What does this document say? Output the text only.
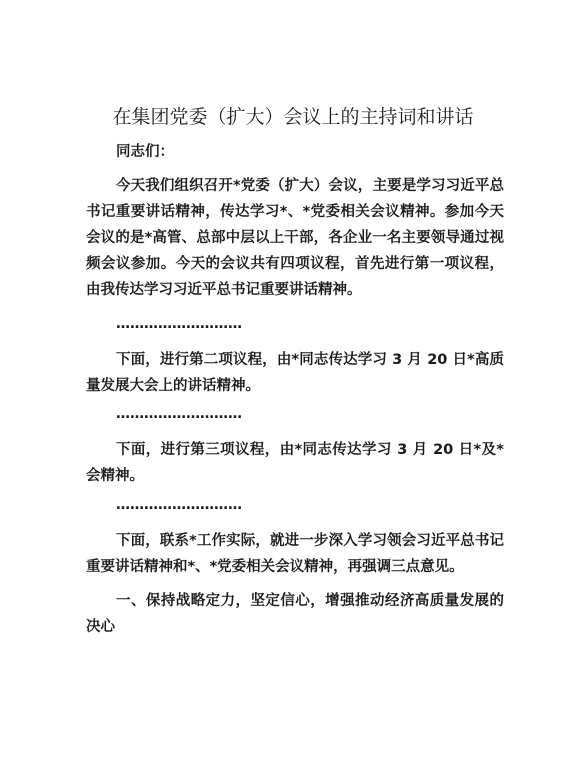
在集团党委（扩大）会议上的主持词和讲话
同志们：
今天我们组织召开*党委（扩大）会议，主要是学习习近平总书记重要讲话精神，传达学习*、*党委相关会议精神。参加今天会议的是*高管、总部中层以上干部，各企业一名主要领导通过视频会议参加。今天的会议共有四项议程，首先进行第一项议程，由我传达学习习近平总书记重要讲话精神。
………………………
下面，进行第二项议程，由*同志传达学习 3 月 20 日*高质量发展大会上的讲话精神。
………………………
下面，进行第三项议程，由*同志传达学习 3 月 20 日*及*会精神。
………………………
下面，联系*工作实际，就进一步深入学习领会习近平总书记重要讲话精神和*、*党委相关会议精神，再强调三点意见。
一、保持战略定力，坚定信心，增强推动经济高质量发展的决心
